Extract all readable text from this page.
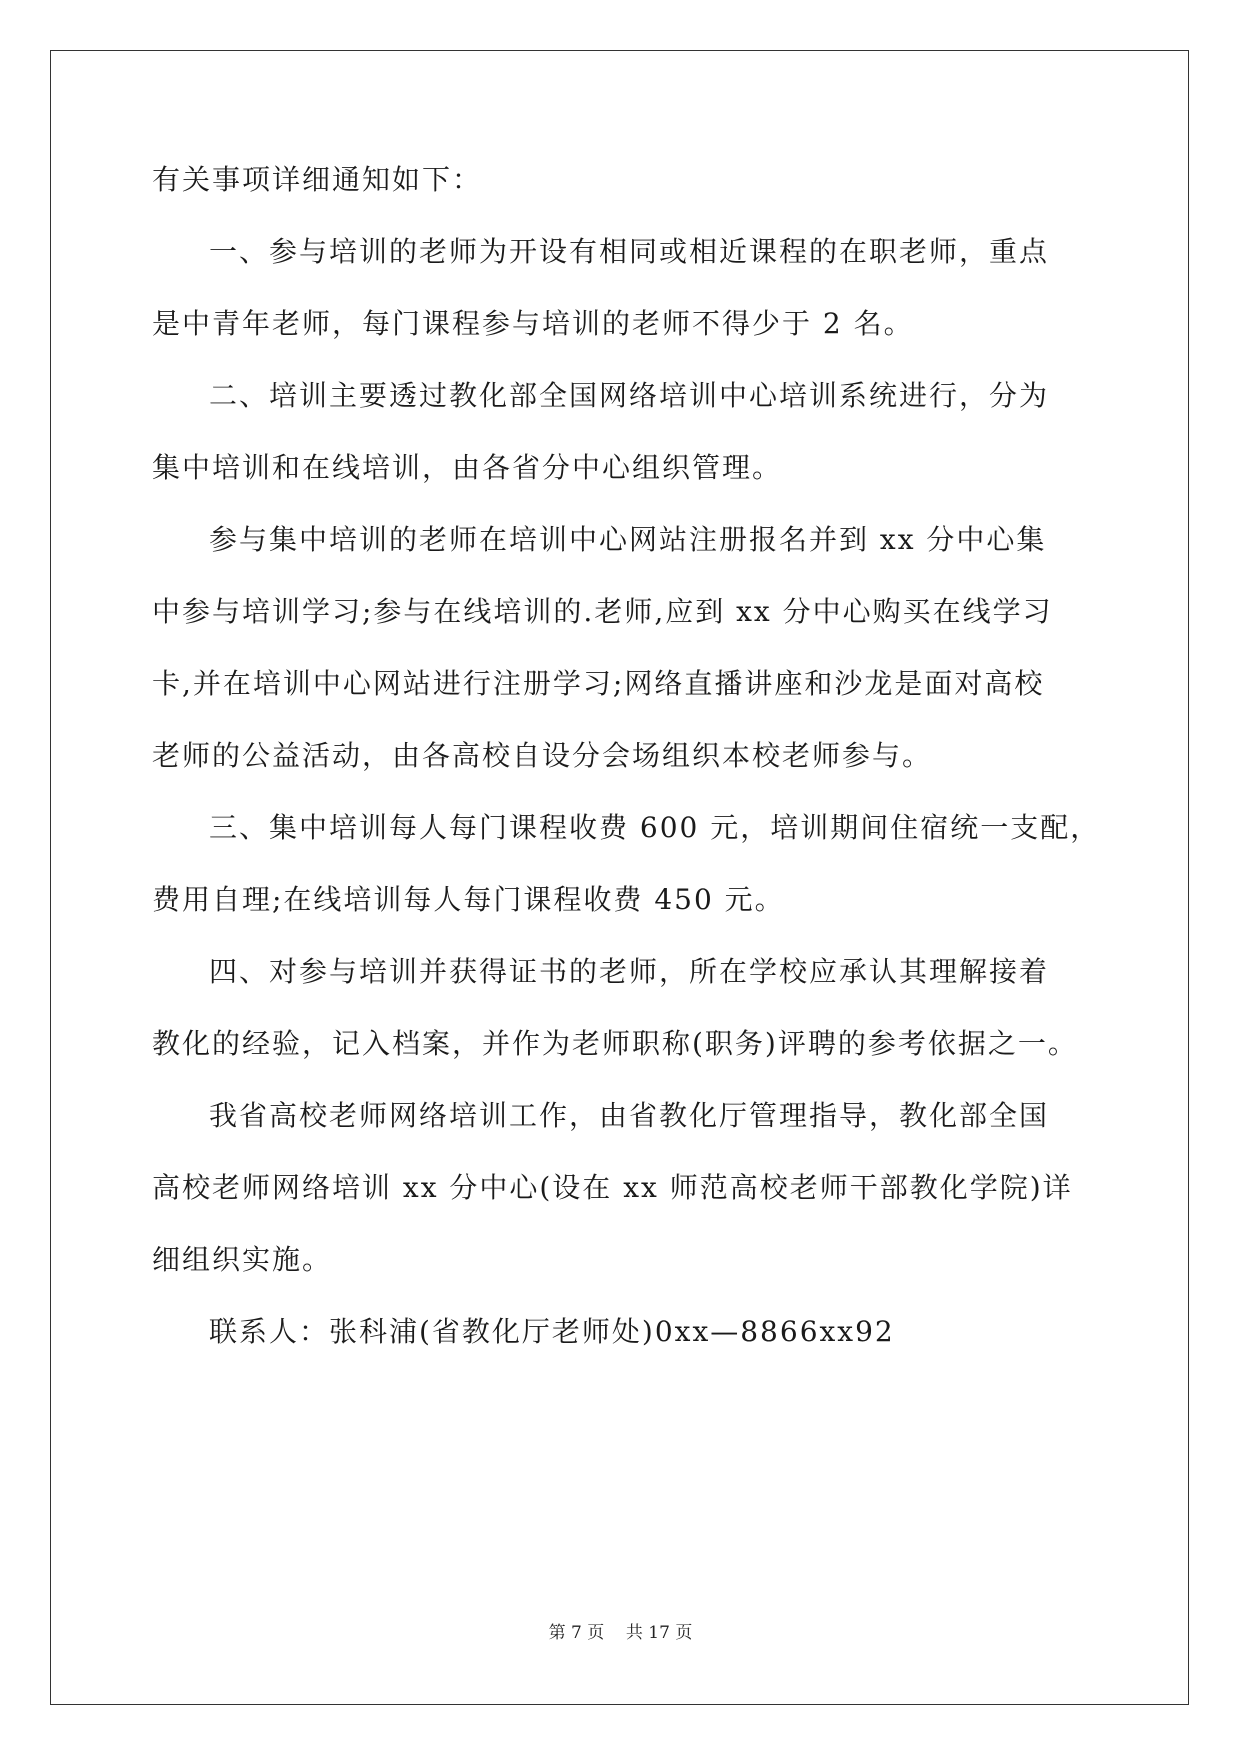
有关事项详细通知如下：
一、参与培训的老师为开设有相同或相近课程的在职老师，重点
是中青年老师，每门课程参与培训的老师不得少于 2 名。
二、培训主要透过教化部全国网络培训中心培训系统进行，分为
集中培训和在线培训，由各省分中心组织管理。
参与集中培训的老师在培训中心网站注册报名并到 xx 分中心集
中参与培训学习;参与在线培训的.老师,应到 xx 分中心购买在线学习
卡,并在培训中心网站进行注册学习;网络直播讲座和沙龙是面对高校
老师的公益活动，由各高校自设分会场组织本校老师参与。
三、集中培训每人每门课程收费 600 元，培训期间住宿统一支配，
费用自理;在线培训每人每门课程收费 450 元。
四、对参与培训并获得证书的老师，所在学校应承认其理解接着
教化的经验，记入档案，并作为老师职称(职务)评聘的参考依据之一。
我省高校老师网络培训工作，由省教化厅管理指导，教化部全国
高校老师网络培训 xx 分中心(设在 xx 师范高校老师干部教化学院)详
细组织实施。
联系人：张科浦(省教化厅老师处)0xx—8866xx92
第 7 页    共 17 页
